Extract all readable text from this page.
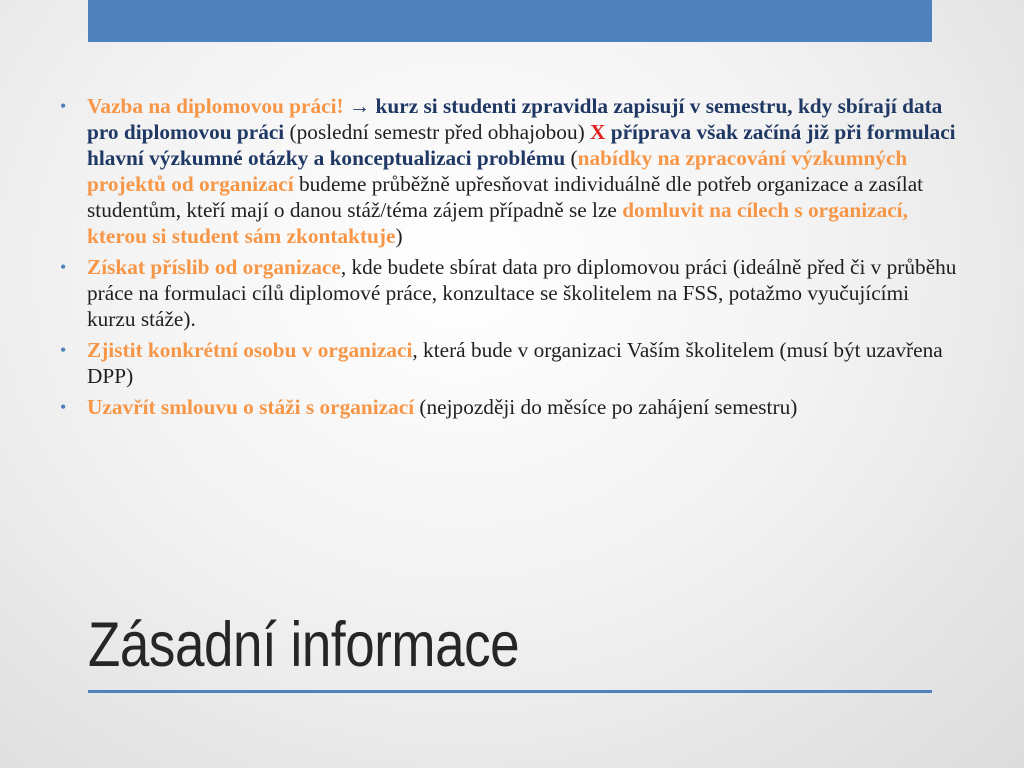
• Vazba na diplomovou práci! → kurz si studenti zpravidla zapisují v semestru, kdy sbírají data pro diplomovou práci (poslední semestr před obhajobou) X příprava však začíná již při formulaci hlavní výzkumné otázky a konceptualizaci problému (nabídky na zpracování výzkumných projektů od organizací budeme průběžně upřesňovat individuálně dle potřeb organizace a zasílat studentům, kteří mají o danou stáž/téma zájem případně se lze domluvit na cílech s organizací, kterou si student sám zkontaktuje)
• Získat příslib od organizace, kde budete sbírat data pro diplomovou práci (ideálně před či v průběhu práce na formulaci cílů diplomové práce, konzultace se školitelem na FSS, potažmo vyučujícími kurzu stáže).
• Zjistit konkrétní osobu v organizaci, která bude v organizaci Vaším školitelem (musí být uzavřena DPP)
• Uzavřít smlouvu o stáži s organizací (nejpozději do měsíce po zahájení semestru)
Zásadní informace
